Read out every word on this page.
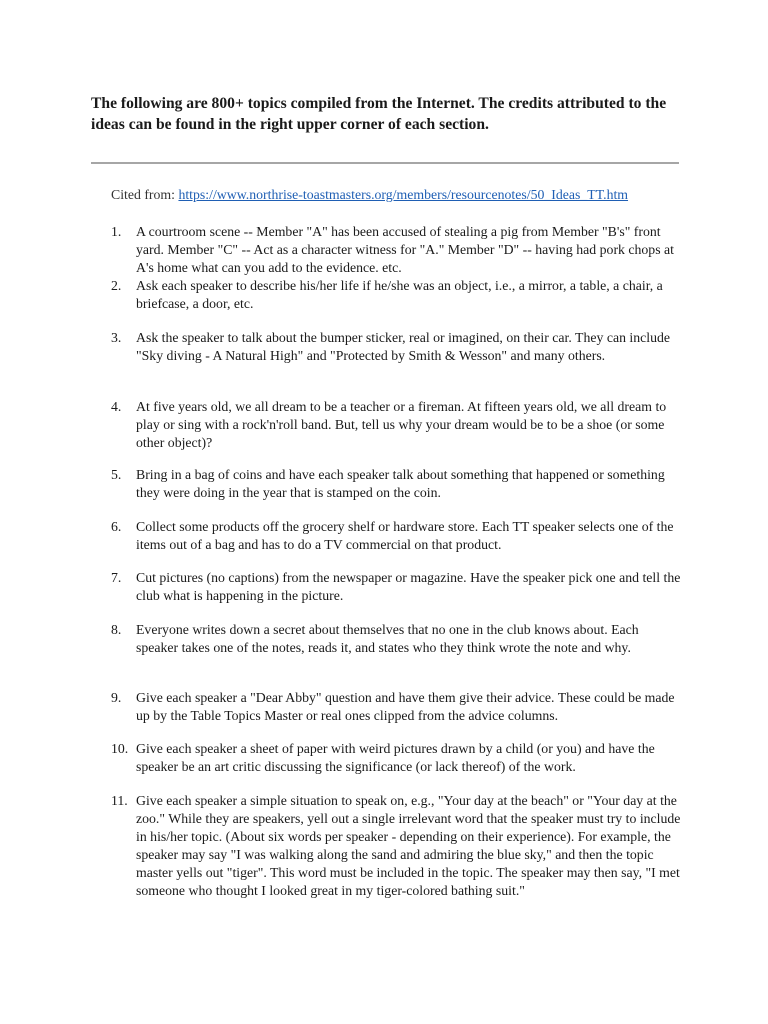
The following are 800+ topics compiled from the Internet. The credits attributed to the ideas can be found in the right upper corner of each section.

Cited from: https://www.northrise-toastmasters.org/members/resourcenotes/50_Ideas_TT.htm
1.	A courtroom scene -- Member "A" has been accused of stealing a pig from Member "B's" front yard. Member "C" -- Act as a character witness for "A." Member "D" -- having had pork chops at A's home what can you add to the evidence. etc.
2.	Ask each speaker to describe his/her life if he/she was an object, i.e., a mirror, a table, a chair, a briefcase, a door, etc.
3.	Ask the speaker to talk about the bumper sticker, real or imagined, on their car. They can include "Sky diving - A Natural High" and "Protected by Smith & Wesson" and many others.
4.	At five years old, we all dream to be a teacher or a fireman. At fifteen years old, we all dream to play or sing with a rock'n'roll band. But, tell us why your dream would be to be a shoe (or some other object)?
5.	Bring in a bag of coins and have each speaker talk about something that happened or something they were doing in the year that is stamped on the coin.
6.	Collect some products off the grocery shelf or hardware store. Each TT speaker selects one of the items out of a bag and has to do a TV commercial on that product.
7.	Cut pictures (no captions) from the newspaper or magazine. Have the speaker pick one and tell the club what is happening in the picture.
8.	Everyone writes down a secret about themselves that no one in the club knows about. Each speaker takes one of the notes, reads it, and states who they think wrote the note and why.
9.	Give each speaker a "Dear Abby" question and have them give their advice. These could be made up by the Table Topics Master or real ones clipped from the advice columns.
10. Give each speaker a sheet of paper with weird pictures drawn by a child (or you) and have the speaker be an art critic discussing the significance (or lack thereof) of the work.
11. Give each speaker a simple situation to speak on, e.g., "Your day at the beach" or "Your day at the zoo." While they are speakers, yell out a single irrelevant word that the speaker must try to include in his/her topic. (About six words per speaker - depending on their experience). For example, the speaker may say "I was walking along the sand and admiring the blue sky," and then the topic master yells out "tiger". This word must be included in the topic. The speaker may then say, "I met someone who thought I looked great in my tiger-colored bathing suit."
